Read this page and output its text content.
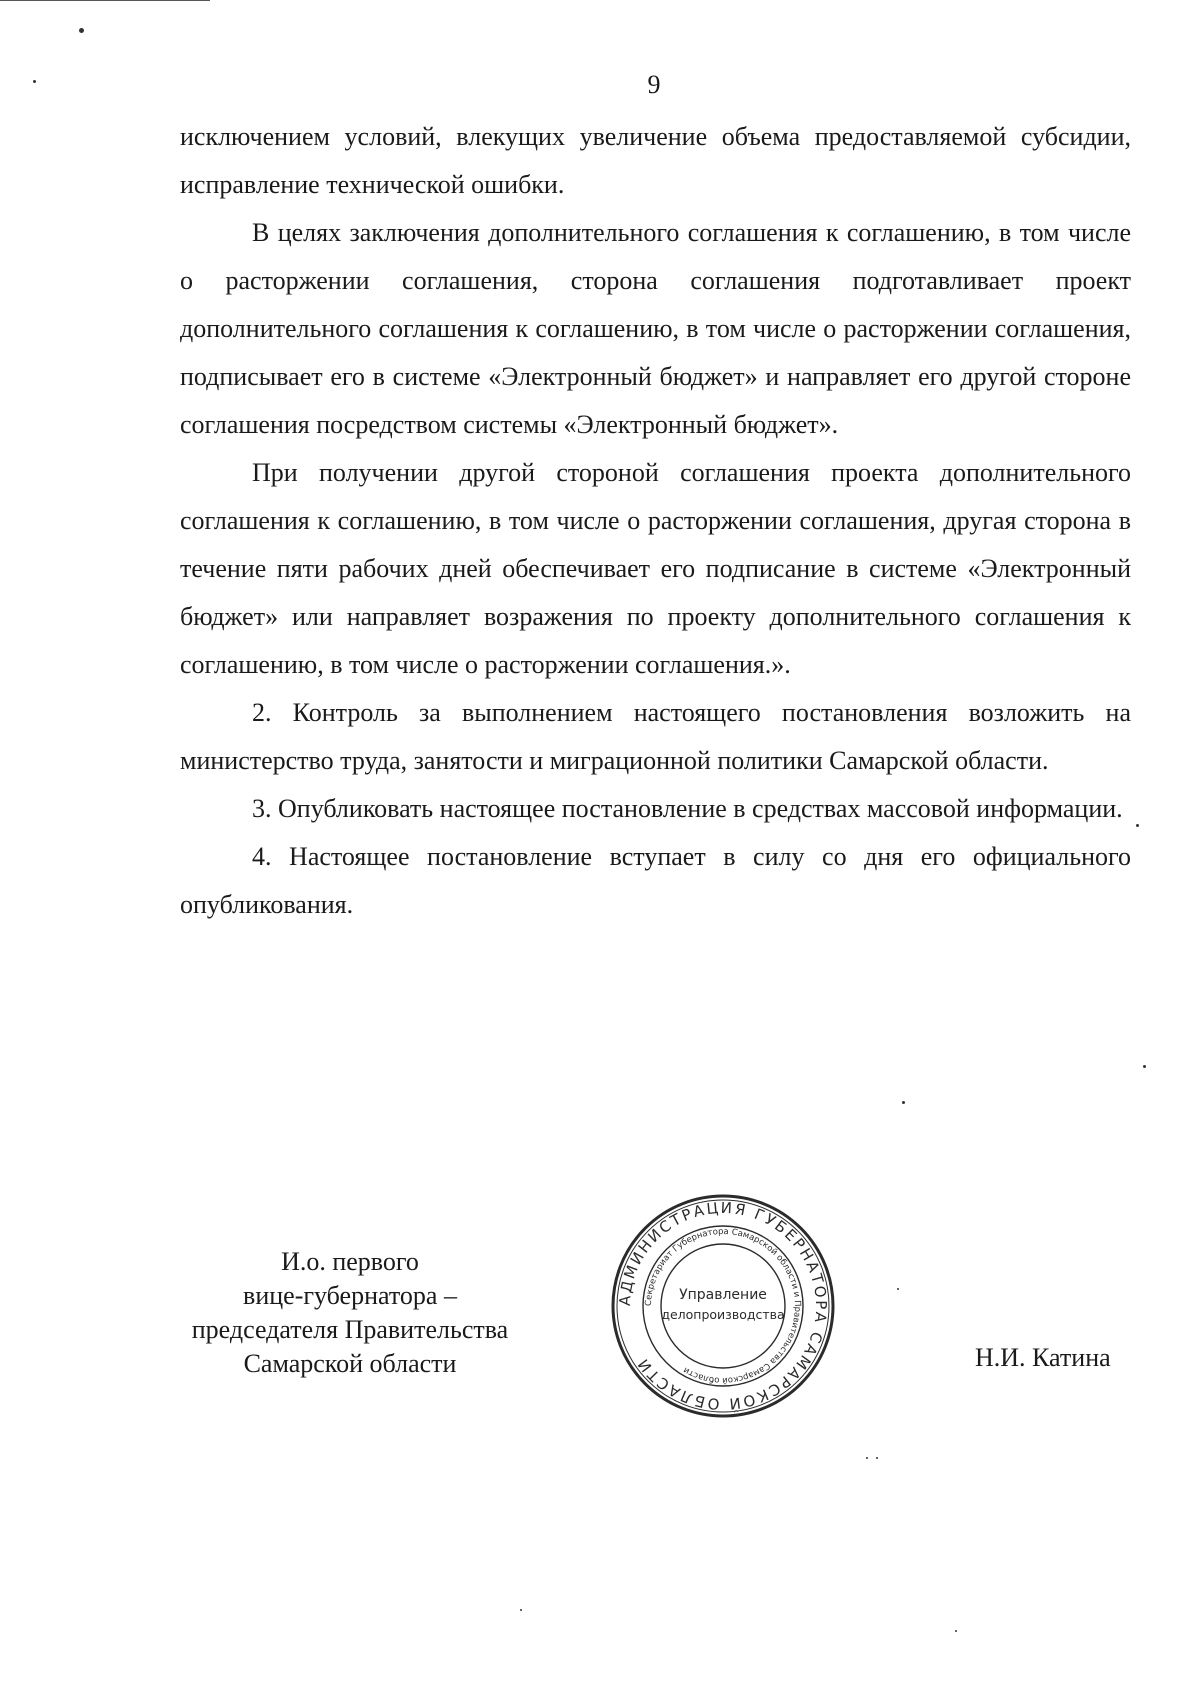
9

исключением условий, влекущих увеличение объема предоставляемой субсидии, исправление технической ошибки.

В целях заключения дополнительного соглашения к соглашению, в том числе о расторжении соглашения, сторона соглашения подготавливает проект дополнительного соглашения к соглашению, в том числе о расторжении соглашения, подписывает его в системе «Электронный бюджет» и направляет его другой стороне соглашения посредством системы «Электронный бюджет».

При получении другой стороной соглашения проекта дополнительного соглашения к соглашению, в том числе о расторжении соглашения, другая сторона в течение пяти рабочих дней обеспечивает его подписание в системе «Электронный бюджет» или направляет возражения по проекту дополнительного соглашения к соглашению, в том числе о расторжении соглашения.».

2. Контроль за выполнением настоящего постановления возложить на министерство труда, занятости и миграционной политики Самарской области.

3. Опубликовать настоящее постановление в средствах массовой информации.

4. Настоящее постановление вступает в силу со дня его официального опубликования.

И.о. первого
вице-губернатора –
председателя Правительства
Самарской области
АДМИНИСТРАЦИЯ ГУБЕРНАТОРА САМАРСКОЙ ОБЛАСТИ
Секретариат Губернатора Самарской области и Правительства Самарской области
Управление
делопроизводства
Н.И. Катина
